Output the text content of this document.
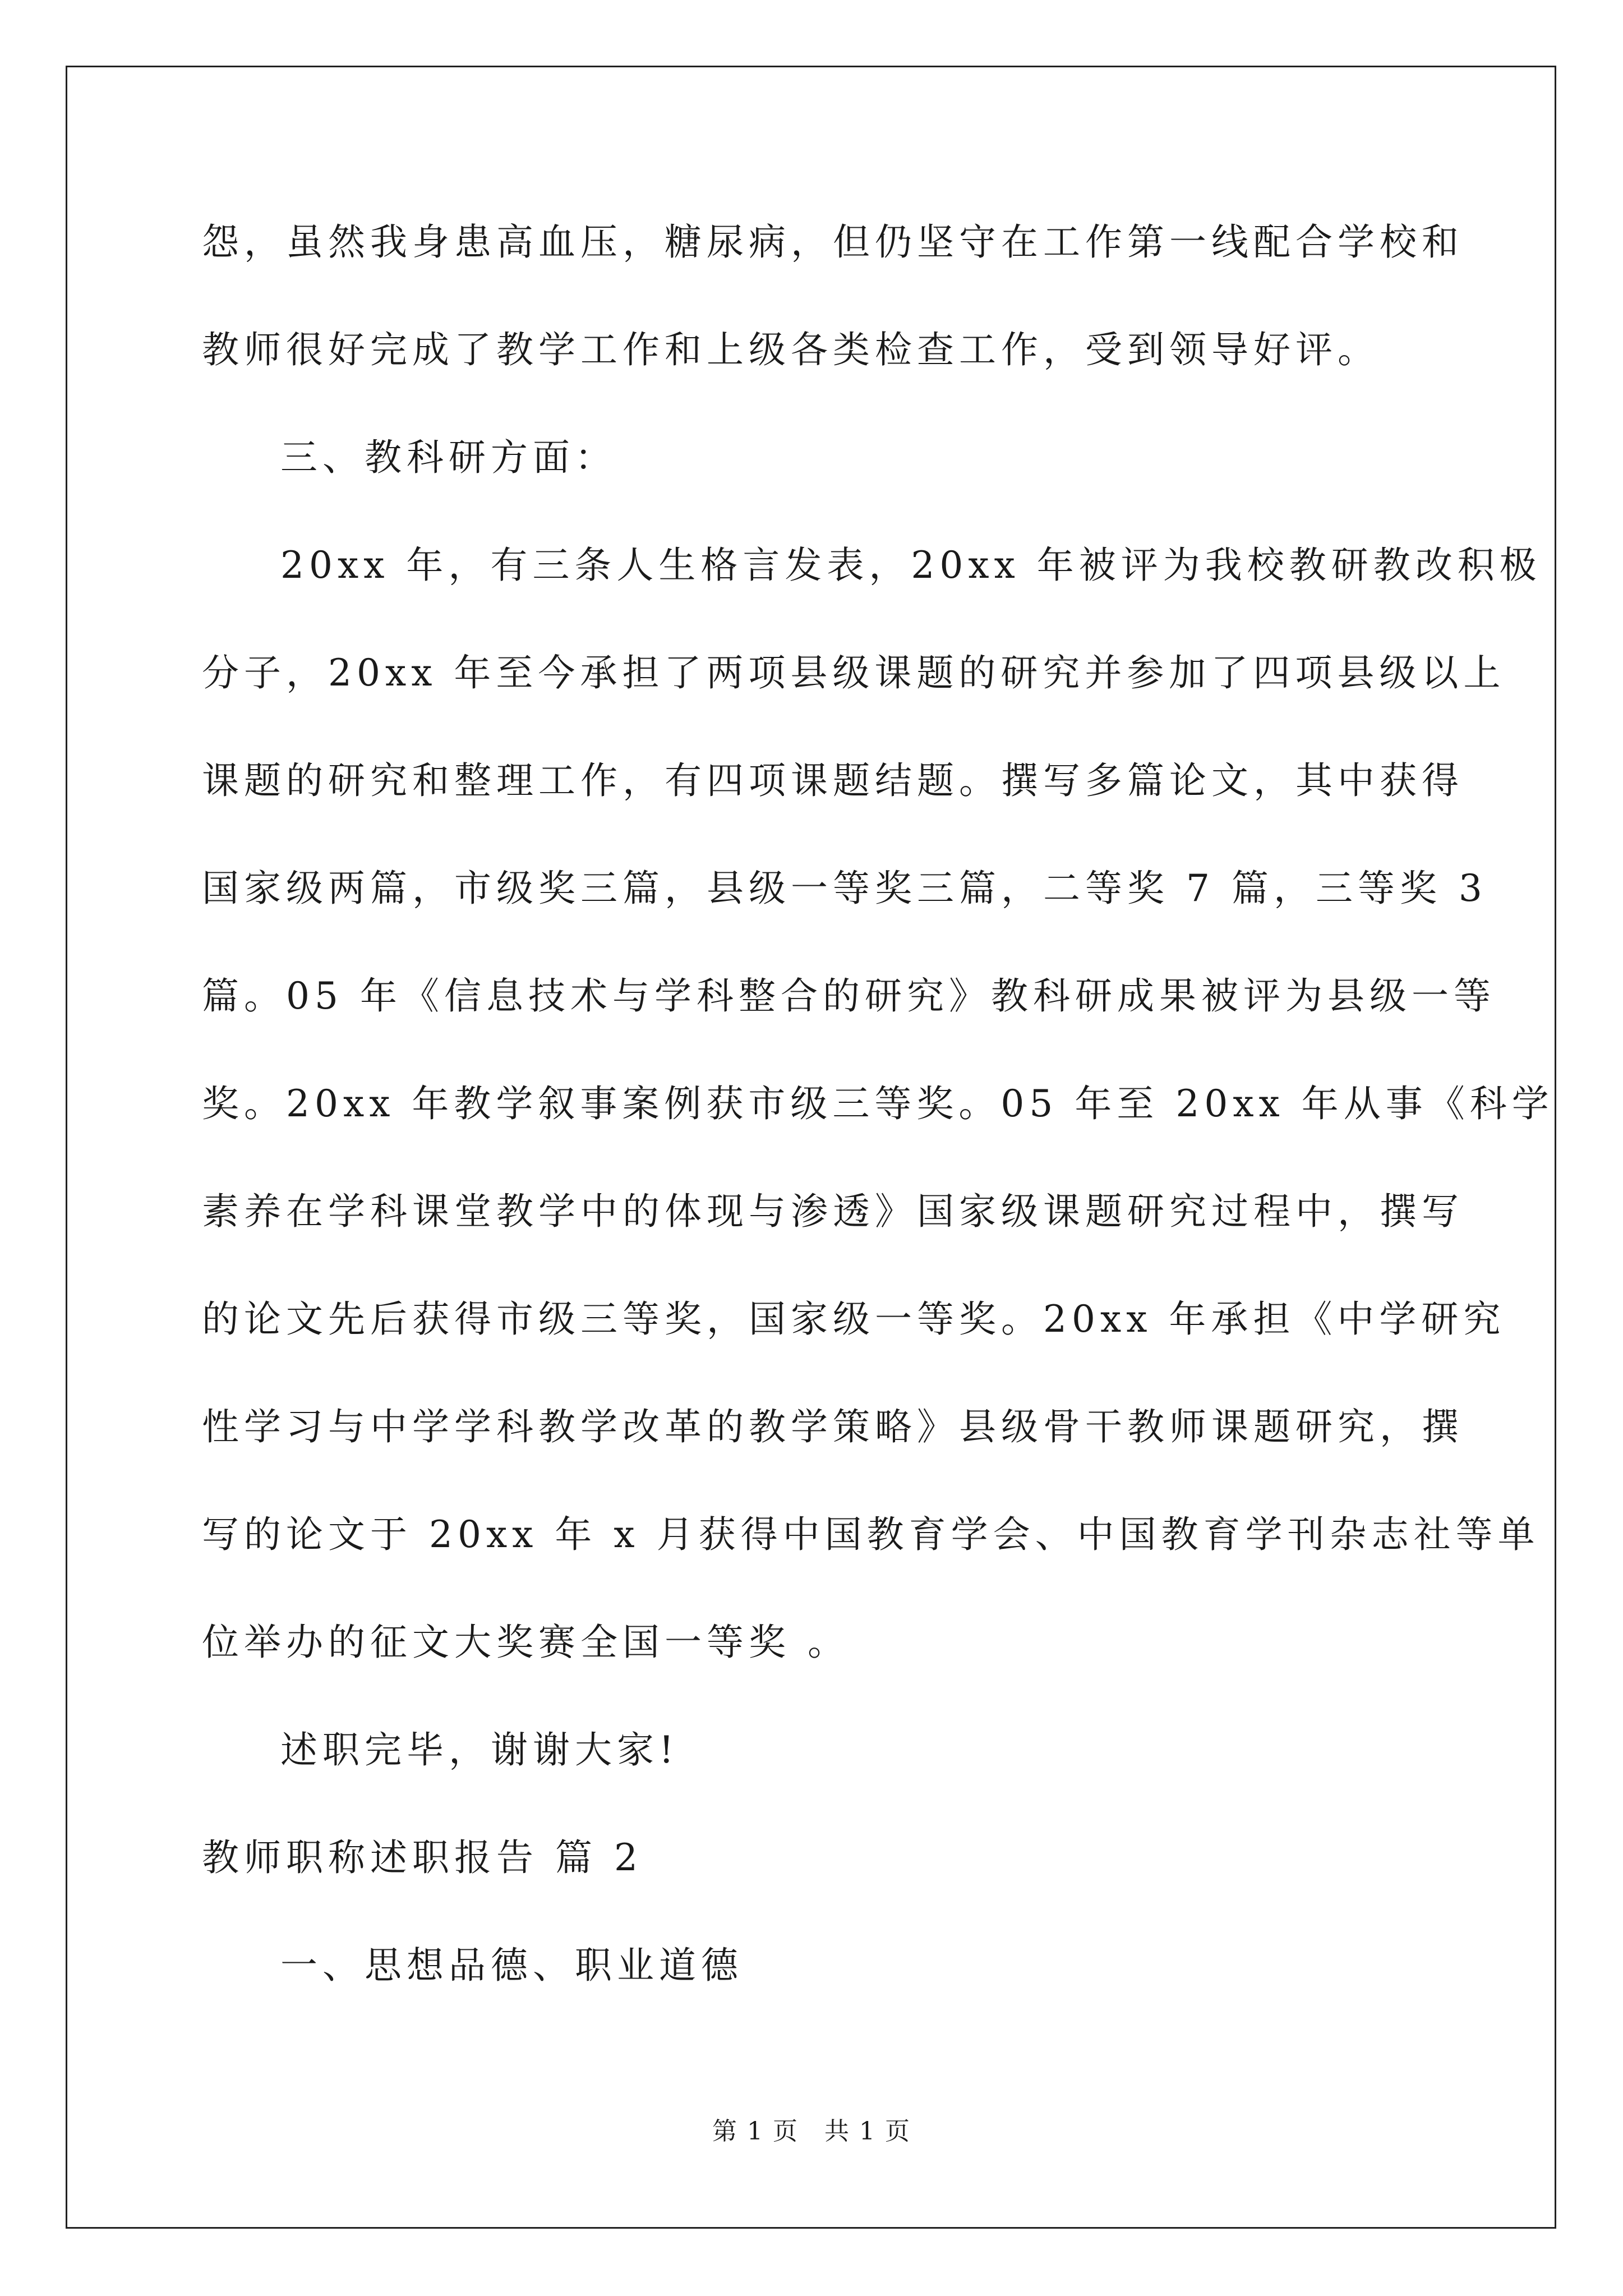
怨，虽然我身患高血压，糖尿病，但仍坚守在工作第一线配合学校和
教师很好完成了教学工作和上级各类检查工作，受到领导好评。
三、教科研方面：
20xx 年，有三条人生格言发表，20xx 年被评为我校教研教改积极
分子，20xx 年至今承担了两项县级课题的研究并参加了四项县级以上
课题的研究和整理工作，有四项课题结题。撰写多篇论文，其中获得
国家级两篇，市级奖三篇，县级一等奖三篇，二等奖 7 篇，三等奖 3
篇。05 年《信息技术与学科整合的研究》教科研成果被评为县级一等
奖。20xx 年教学叙事案例获市级三等奖。05 年至 20xx 年从事《科学
素养在学科课堂教学中的体现与渗透》国家级课题研究过程中，撰写
的论文先后获得市级三等奖，国家级一等奖。20xx 年承担《中学研究
性学习与中学学科教学改革的教学策略》县级骨干教师课题研究，撰
写的论文于 20xx 年 x 月获得中国教育学会、中国教育学刊杂志社等单
位举办的征文大奖赛全国一等奖 。
述职完毕，谢谢大家!
教师职称述职报告 篇 2
一、思想品德、职业道德
第 1 页　共 1 页
